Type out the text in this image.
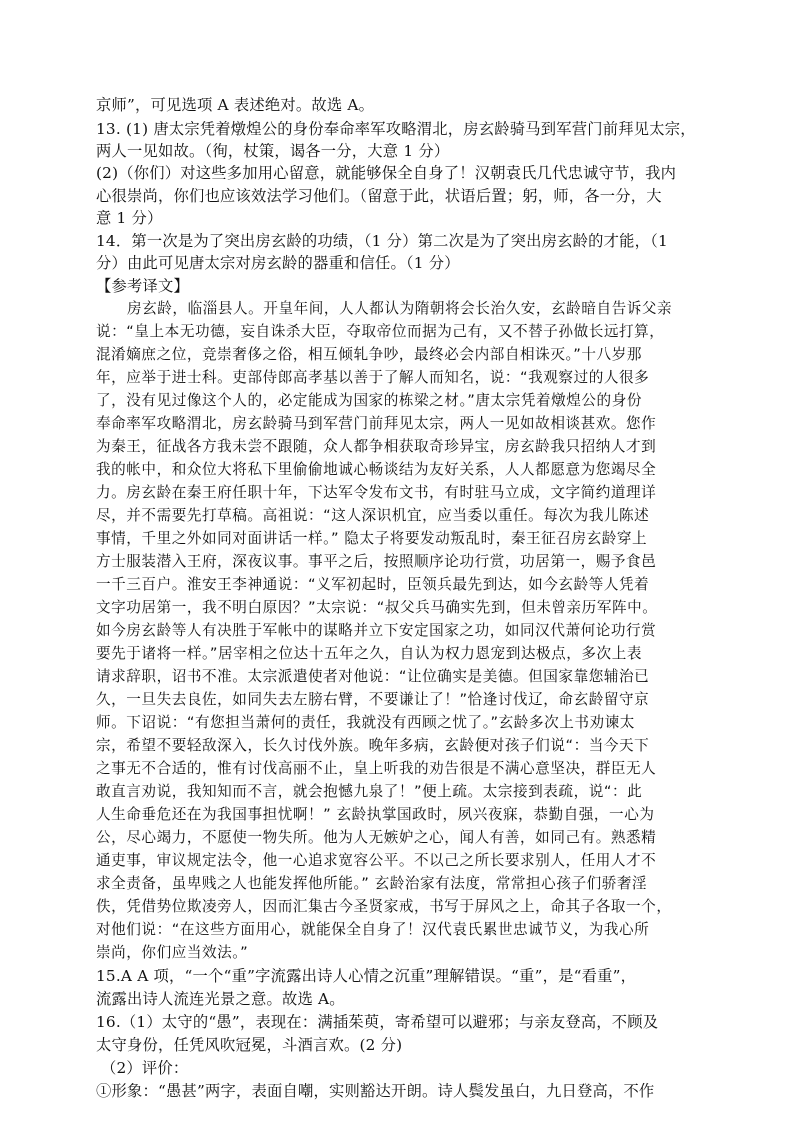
京师”，可见选项 A 表述绝对。故选 A。
13. (1) 唐太宗凭着燉煌公的身份奉命率军攻略渭北，房玄龄骑马到军营门前拜见太宗，
两人一见如故。（徇，杖策，谒各一分，大意 1 分）
(2)（你们）对这些多加用心留意，就能够保全自身了！汉朝袁氏几代忠诚守节，我内
心很崇尚，你们也应该效法学习他们。（留意于此，状语后置；躬，师，各一分，大
意 1 分）
14．第一次是为了突出房玄龄的功绩，（1 分）第二次是为了突出房玄龄的才能，（1
分）由此可见唐太宗对房玄龄的器重和信任。（1 分）
【参考译文】
房玄龄，临淄县人。开皇年间，人人都认为隋朝将会长治久安，玄龄暗自告诉父亲
说：“皇上本无功德，妄自诛杀大臣，夺取帝位而据为己有，又不替子孙做长远打算，
混淆嫡庶之位，竞崇奢侈之俗，相互倾轧争吵，最终必会内部自相诛灭。”十八岁那
年，应举于进士科。吏部侍郎高孝基以善于了解人而知名，说：“我观察过的人很多
了，没有见过像这个人的，必定能成为国家的栋梁之材。”唐太宗凭着燉煌公的身份
奉命率军攻略渭北，房玄龄骑马到军营门前拜见太宗，两人一见如故相谈甚欢。您作
为秦王，征战各方我未尝不跟随，众人都争相获取奇珍异宝，房玄龄我只招纳人才到
我的帐中，和众位大将私下里偷偷地诚心畅谈结为友好关系，人人都愿意为您竭尽全
力。房玄龄在秦王府任职十年，下达军令发布文书，有时驻马立成，文字简约道理详
尽，并不需要先打草稿。高祖说：“这人深识机宜，应当委以重任。每次为我儿陈述
事情，千里之外如同对面讲话一样。” 隐太子将要发动叛乱时，秦王征召房玄龄穿上
方士服装潜入王府，深夜议事。事平之后，按照顺序论功行赏，功居第一，赐予食邑
一千三百户。淮安王李神通说：“义军初起时，臣领兵最先到达，如今玄龄等人凭着
文字功居第一，我不明白原因？”太宗说：“叔父兵马确实先到，但未曾亲历军阵中。
如今房玄龄等人有决胜于军帐中的谋略并立下安定国家之功，如同汉代萧何论功行赏
要先于诸将一样。”居宰相之位达十五年之久，自认为权力恩宠到达极点，多次上表
请求辞职，诏书不准。太宗派遣使者对他说：“让位确实是美德。但国家靠您辅治已
久，一旦失去良佐，如同失去左膀右臂，不要谦让了！”恰逢讨伐辽，命玄龄留守京
师。下诏说：“有您担当萧何的责任，我就没有西顾之忧了。”玄龄多次上书劝谏太
宗，希望不要轻敌深入，长久讨伐外族。晚年多病，玄龄便对孩子们说“：当今天下
之事无不合适的，惟有讨伐高丽不止，皇上听我的劝告很是不满心意坚决，群臣无人
敢直言劝说，我知知而不言，就会抱憾九泉了！”便上疏。太宗接到表疏，说“：此
人生命垂危还在为我国事担忧啊！” 玄龄执掌国政时，夙兴夜寐，恭勤自强，一心为
公，尽心竭力，不愿使一物失所。他为人无嫉妒之心，闻人有善，如同己有。熟悉精
通吏事，审议规定法令，他一心追求宽容公平。不以己之所长要求别人，任用人才不
求全责备，虽卑贱之人也能发挥他所能。” 玄龄治家有法度，常常担心孩子们骄奢淫
佚，凭借势位欺凌旁人，因而汇集古今圣贤家戒，书写于屏风之上，命其子各取一个，
对他们说：“在这些方面用心，就能保全自身了！汉代袁氏累世忠诚节义，为我心所
崇尚，你们应当效法。”
15.A A 项，“一个“重”字流露出诗人心情之沉重”理解错误。“重”，是“看重”，
流露出诗人流连光景之意。故选 A。
16.（1）太守的“愚”，表现在：满插茱萸，寄希望可以避邪；与亲友登高，不顾及
太守身份，任凭风吹冠冕，斗酒言欢。(2 分)
（2）评价：
①形象：“愚甚”两字，表面自嘲，实则豁达开朗。诗人鬓发虽白，九日登高，不作
